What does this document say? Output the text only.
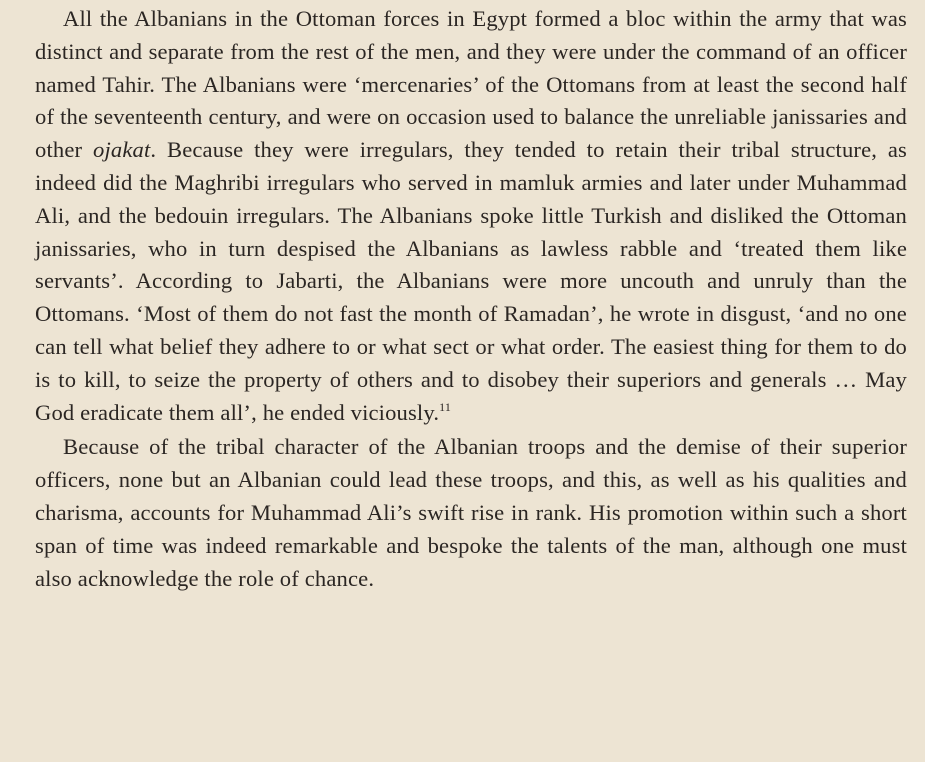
All the Albanians in the Ottoman forces in Egypt formed a bloc within the army that was distinct and separate from the rest of the men, and they were under the command of an officer named Tahir. The Albanians were ‘mercenaries’ of the Ottomans from at least the second half of the seventeenth century, and were on occasion used to balance the unreliable janissaries and other ojakat. Because they were irregulars, they tended to retain their tribal structure, as indeed did the Maghribi irregulars who served in mamluk armies and later under Muhammad Ali, and the bedouin irregulars. The Albanians spoke little Turkish and disliked the Ottoman janissaries, who in turn despised the Albanians as lawless rabble and ‘treated them like servants’. According to Jabarti, the Albanians were more uncouth and unruly than the Ottomans. ‘Most of them do not fast the month of Ramadan’, he wrote in disgust, ‘and no one can tell what belief they adhere to or what sect or what order. The easiest thing for them to do is to kill, to seize the property of others and to disobey their superiors and generals … May God eradicate them all’, he ended viciously.$^{11}$

Because of the tribal character of the Albanian troops and the demise of their superior officers, none but an Albanian could lead these troops, and this, as well as his qualities and charisma, accounts for Muhammad Ali’s swift rise in rank. His promotion within such a short span of time was indeed remarkable and bespoke the talents of the man, although one must also acknowledge the role of chance.
